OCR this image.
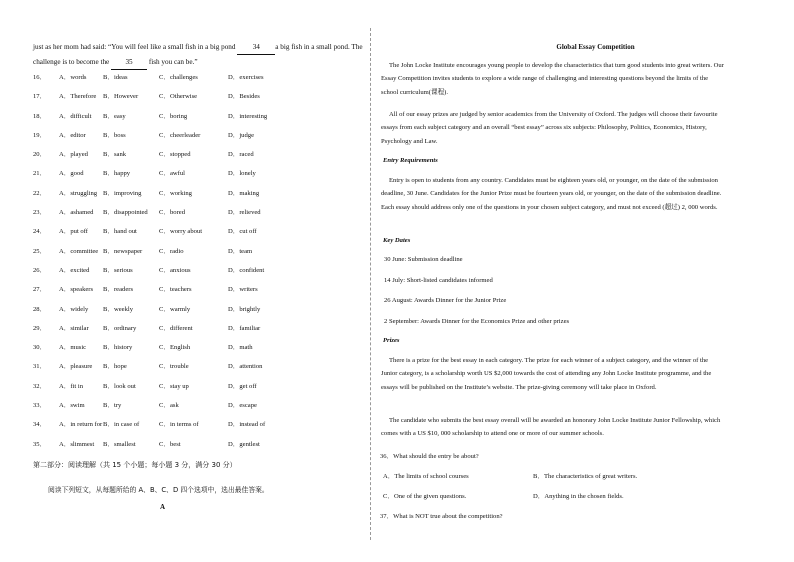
just as her mom had said: “You will feel like a small fish in a big pond 34 a big fish in a small pond. The
challenge is to become the 35 fish you can be.”
16． A．words	B．ideas	C．challenges	D．exercises
17． A．Therefore B．However	C．Otherwise	D．Besides
18． A．difficult B．easy	C．boring	D．interesting
19． A．editor	B．boss	C．cheerleader	D．judge
20． A．played B．sank	C．stopped	D．raced
21． A．good	B．happy	C．awful	D．lonely
22． A．struggling B．improving	C．working	D．making
23． A．ashamed B．disappointed C．bored	D．relieved
24． A．put off B．hand out	C．worry about	D．cut off
25． A．committee B．newspaper	C．radio	D．team
26． A．excited B．serious	C．anxious	D．confident
27． A．speakers B．readers	C．teachers	D．writers
28． A．widely B．weekly	C．warmly	D．brightly
29． A．similar B．ordinary	C．different	D．familiar
30． A．music	B．history	C．English	D．math
31． A．pleasure B．hope	C．trouble	D．attention
32． A．fit in	B．look out	C．stay up	D．get off
33． A．swim	B．try	C．ask	D．escape
34． A．in return for B．in case of	C．in terms of	D．instead of
35． A．slimmest B．smallest	C．best	D．gentlest
第二部分：阅读理解（共 15 个小题；每小题 3 分，满分 30 分）
阅读下列短文，从每题所给的 A、B、C、D 四个选项中，选出最佳答案。
A
Global Essay Competition
The John Locke Institute encourages young people to develop the characteristics that turn good students into great writers. Our Essay Competition invites students to explore a wide range of challenging and interesting questions beyond the limits of the school curriculum(课程).
All of our essay prizes are judged by senior academics from the University of Oxford. The judges will choose their favourite essays from each subject category and an overall “best essay” across six subjects: Philosophy, Politics, Economics, History, Psychology and Law.
Entry Requirements
Entry is open to students from any country. Candidates must be eighteen years old, or younger, on the date of the submission deadline, 30 June. Candidates for the Junior Prize must be fourteen years old, or younger, on the date of the submission deadline. Each essay should address only one of the questions in your chosen subject category, and must not exceed (超过) 2, 000 words.
Key Dates
30 June: Submission deadline
14 July: Short-listed candidates informed
26 August: Awards Dinner for the Junior Prize
2 September: Awards Dinner for the Economics Prize and other prizes
Prizes
There is a prize for the best essay in each category. The prize for each winner of a subject category, and the winner of the Junior category, is a scholarship worth US $2,000 towards the cost of attending any John Locke Institute programme, and the essays will be published on the Institute’s website. The prize-giving ceremony will take place in Oxford.
The candidate who submits the best essay overall will be awarded an honorary John Locke Institute Junior Fellowship, which comes with a US $10, 000 scholarship to attend one or more of our summer schools.
36．What should the entry be about?
A．The limits of school courses	B．The characteristics of great writers.
C．One of the given questions.	D．Anything in the chosen fields.
37．What is NOT true about the competition?
